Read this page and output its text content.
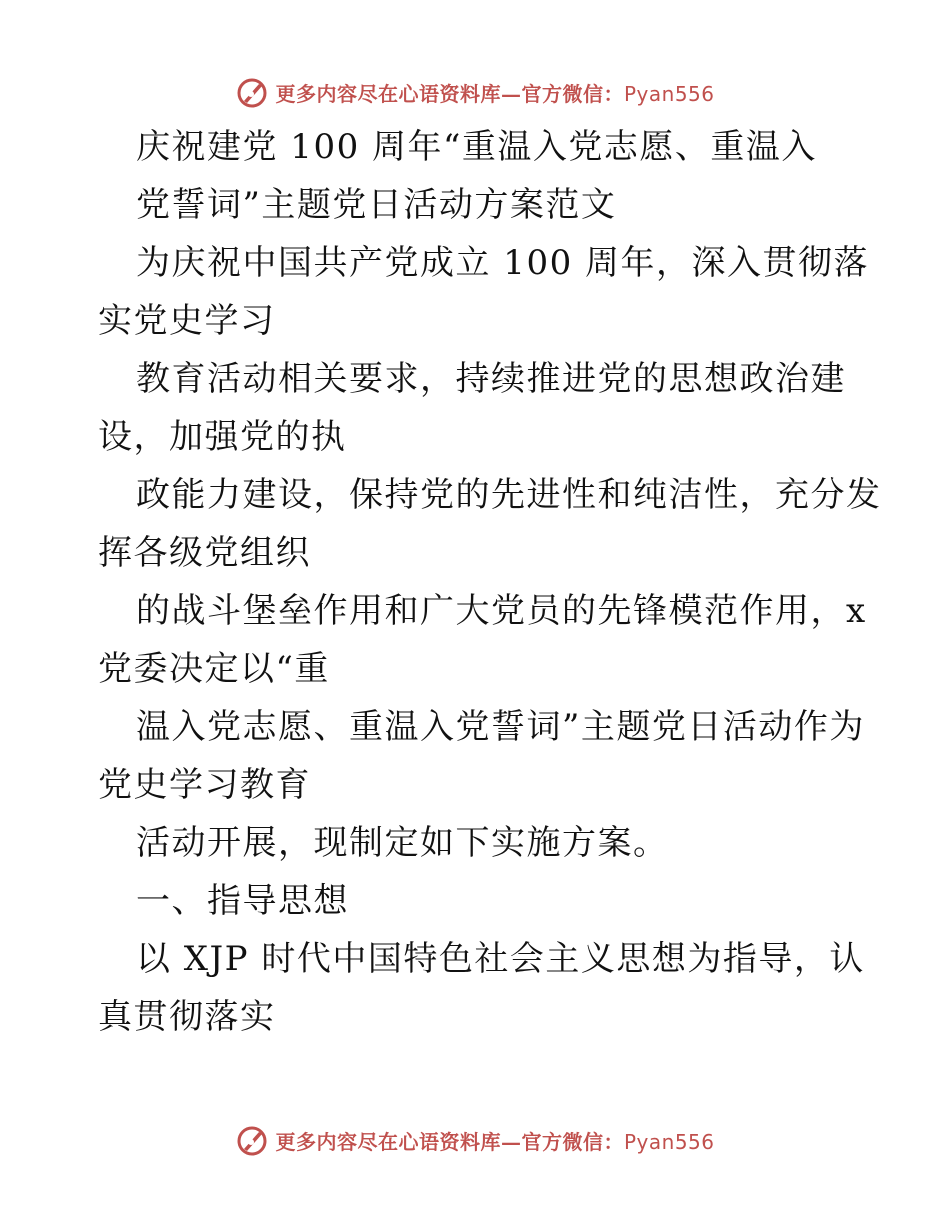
更多内容尽在心语资料库—官方微信：Pyan556
庆祝建党 100 周年“重温入党志愿、重温入
党誓词”主题党日活动方案范文
为庆祝中国共产党成立 100 周年，深入贯彻落
实党史学习
教育活动相关要求，持续推进党的思想政治建
设，加强党的执
政能力建设，保持党的先进性和纯洁性，充分发
挥各级党组织
的战斗堡垒作用和广大党员的先锋模范作用，x
党委决定以“重
温入党志愿、重温入党誓词”主题党日活动作为
党史学习教育
活动开展，现制定如下实施方案。
一、指导思想
以 XJP 时代中国特色社会主义思想为指导，认
真贯彻落实
更多内容尽在心语资料库—官方微信：Pyan556
